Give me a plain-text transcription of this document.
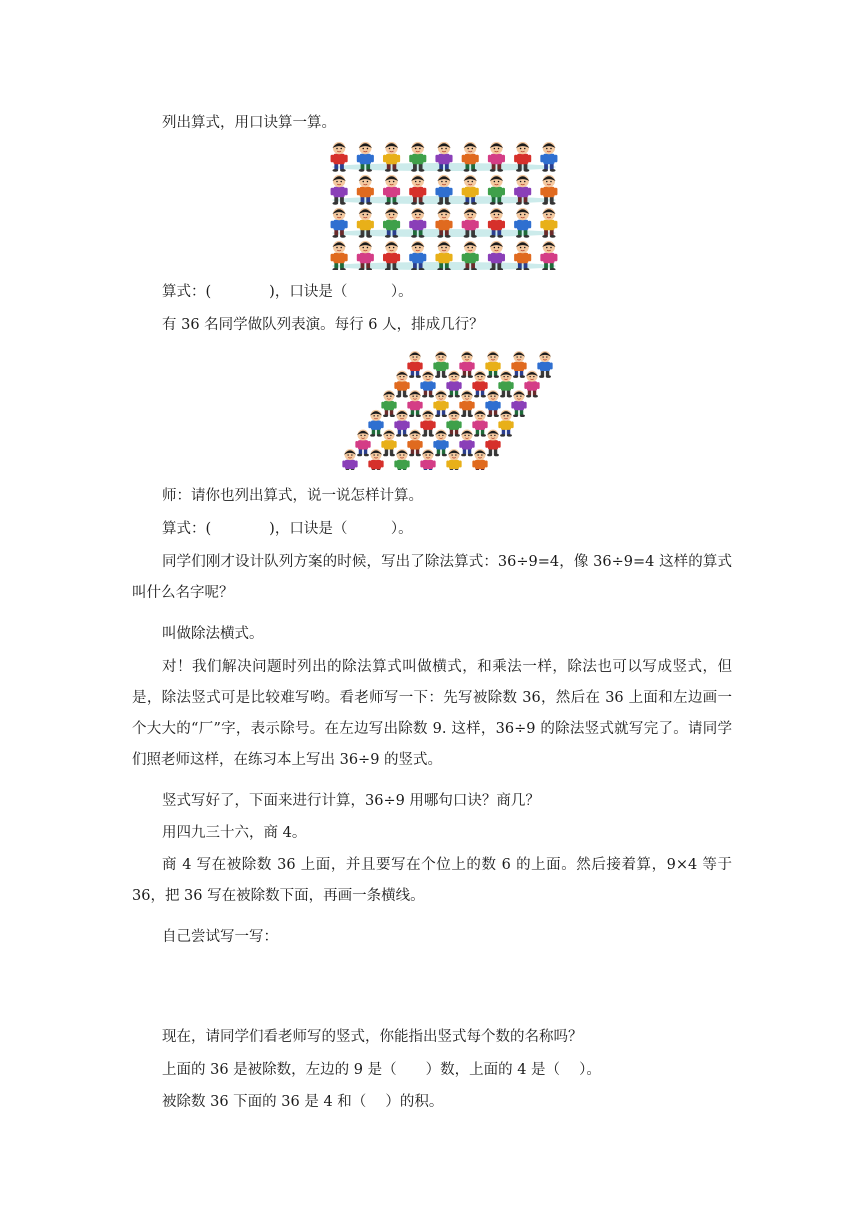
列出算式，用口诀算一算。
算式：(　　　　)，口诀是（　　　）。
有 36 名同学做队列表演。每行 6 人，排成几行？
师：请你也列出算式，说一说怎样计算。
算式：(　　　　)，口诀是（　　　）。
同学们刚才设计队列方案的时候，写出了除法算式：36÷9=4，像 36÷9=4 这样的算式叫什么名字呢？
叫做除法横式。
对！我们解决问题时列出的除法算式叫做横式，和乘法一样，除法也可以写成竖式，但是，除法竖式可是比较难写哟。看老师写一下：先写被除数 36，然后在 36 上面和左边画一个大大的“厂”字，表示除号。在左边写出除数 9. 这样，36÷9 的除法竖式就写完了。请同学们照老师这样，在练习本上写出 36÷9 的竖式。
竖式写好了，下面来进行计算，36÷9 用哪句口诀？商几？
用四九三十六，商 4。
商 4 写在被除数 36 上面，并且要写在个位上的数 6 的上面。然后接着算，9×4 等于 36，把 36 写在被除数下面，再画一条横线。
自己尝试写一写：
现在，请同学们看老师写的竖式，你能指出竖式每个数的名称吗？
上面的 36 是被除数，左边的 9 是（　　）数，上面的 4 是（　 ）。
被除数 36 下面的 36 是 4 和（　 ）的积。
